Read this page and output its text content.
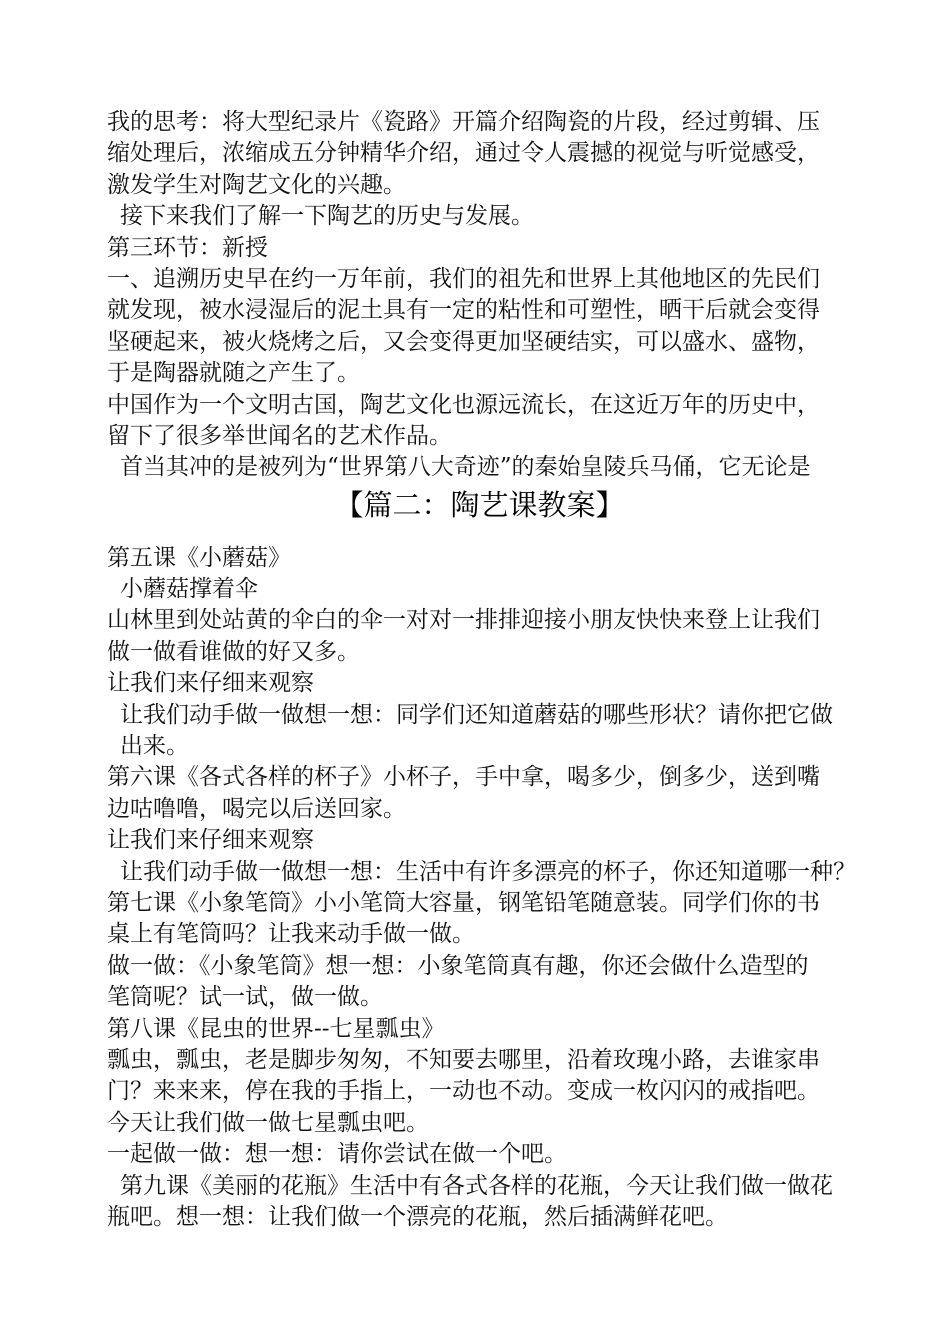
我的思考：将大型纪录片《瓷路》开篇介绍陶瓷的片段，经过剪辑、压
缩处理后，浓缩成五分钟精华介绍，通过令人震撼的视觉与听觉感受，
激发学生对陶艺文化的兴趣。
接下来我们了解一下陶艺的历史与发展。
第三环节：新授
一、追溯历史早在约一万年前，我们的祖先和世界上其他地区的先民们
就发现，被水浸湿后的泥土具有一定的粘性和可塑性，晒干后就会变得
坚硬起来，被火烧烤之后，又会变得更加坚硬结实，可以盛水、盛物，
于是陶器就随之产生了。
中国作为一个文明古国，陶艺文化也源远流长，在这近万年的历史中，
留下了很多举世闻名的艺术作品。
首当其冲的是被列为“世界第八大奇迹”的秦始皇陵兵马俑，它无论是
【篇二：陶艺课教案】
第五课《小蘑菇》
小蘑菇撑着伞
山林里到处站黄的伞白的伞一对对一排排迎接小朋友快快来登上让我们
做一做看谁做的好又多。
让我们来仔细来观察
让我们动手做一做想一想：同学们还知道蘑菇的哪些形状？请你把它做
出来。
第六课《各式各样的杯子》小杯子，手中拿，喝多少，倒多少，送到嘴
边咕噜噜，喝完以后送回家。
让我们来仔细来观察
让我们动手做一做想一想：生活中有许多漂亮的杯子，你还知道哪一种？
第七课《小象笔筒》小小笔筒大容量，钢笔铅笔随意装。同学们你的书
桌上有笔筒吗？让我来动手做一做。
做一做：《小象笔筒》想一想：小象笔筒真有趣，你还会做什么造型的
笔筒呢？试一试，做一做。
第八课《昆虫的世界--七星瓢虫》
瓢虫，瓢虫，老是脚步匆匆，不知要去哪里，沿着玫瑰小路，去谁家串
门？来来来，停在我的手指上，一动也不动。变成一枚闪闪的戒指吧。
今天让我们做一做七星瓢虫吧。
一起做一做：想一想：请你尝试在做一个吧。
第九课《美丽的花瓶》生活中有各式各样的花瓶，今天让我们做一做花
瓶吧。想一想：让我们做一个漂亮的花瓶，然后插满鲜花吧。
